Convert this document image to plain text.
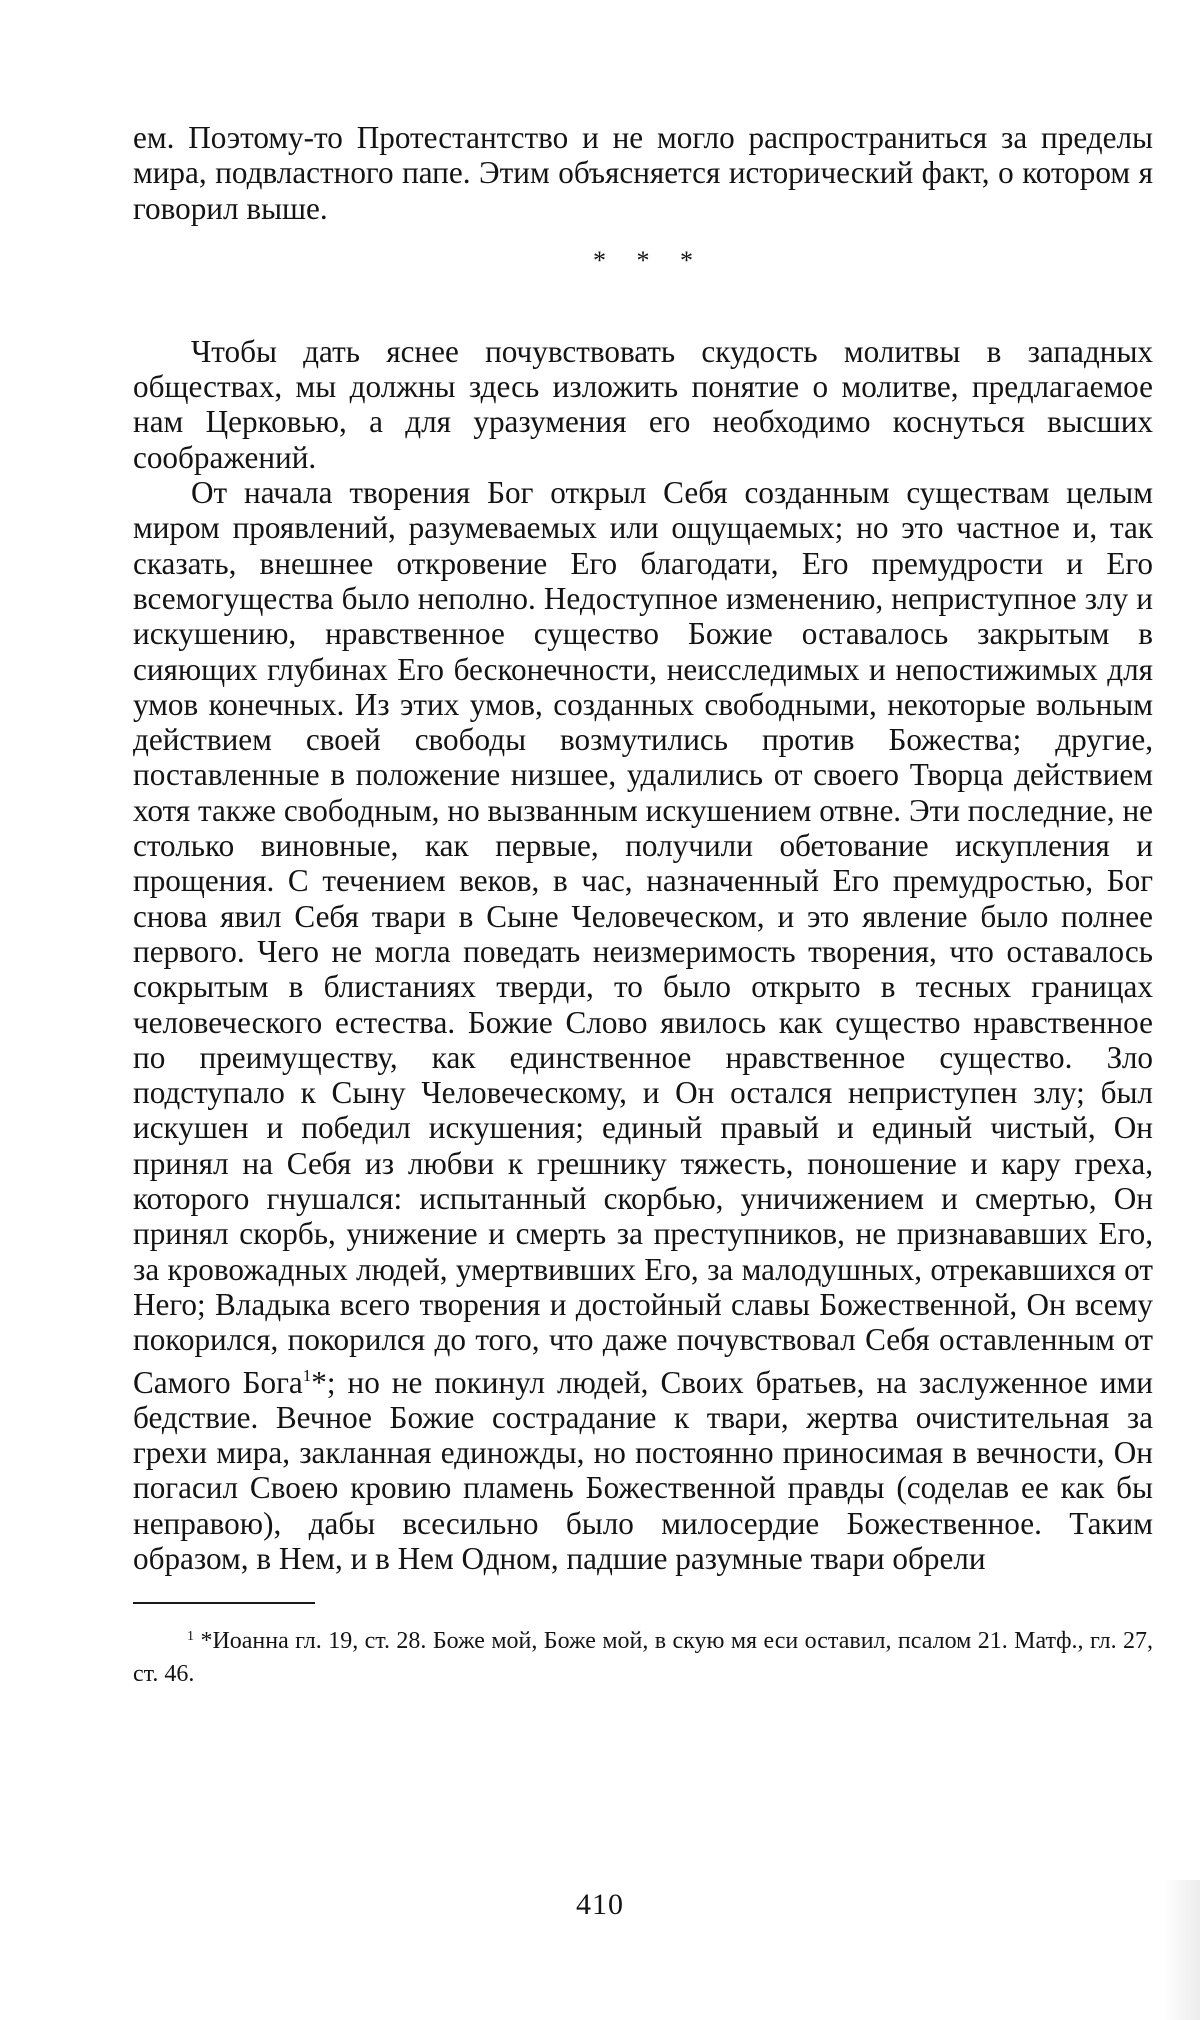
ем. Поэтому-то Протестантство и не могло распространиться за пределы мира, подвластного папе. Этим объясняется исторический факт, о котором я говорил выше.

* * *

Чтобы дать яснее почувствовать скудость молитвы в западных обществах, мы должны здесь изложить понятие о молитве, предлагаемое нам Церковью, а для уразумения его необходимо коснуться высших соображений.

От начала творения Бог открыл Себя созданным существам целым миром проявлений, разумеваемых или ощущаемых; но это частное и, так сказать, внешнее откровение Его благодати, Его премудрости и Его всемогущества было неполно. Недоступное изменению, неприступное злу и искушению, нравственное существо Божие оставалось закрытым в сияющих глубинах Его бесконечности, неисследимых и непостижимых для умов конечных. Из этих умов, созданных свободными, некоторые вольным действием своей свободы возмутились против Божества; другие, поставленные в положение низшее, удалились от своего Творца действием хотя также свободным, но вызванным искушением отвне. Эти последние, не столько виновные, как первые, получили обетование искупления и прощения. С течением веков, в час, назначенный Его премудростью, Бог снова явил Себя твари в Сыне Человеческом, и это явление было полнее первого. Чего не могла поведать неизмеримость творения, что оставалось сокрытым в блистаниях тверди, то было открыто в тесных границах человеческого естества. Божие Слово явилось как существо нравственное по преимуществу, как единственное нравственное существо. Зло подступало к Сыну Человеческому, и Он остался неприступен злу; был искушен и победил искушения; единый правый и единый чистый, Он принял на Себя из любви к грешнику тяжесть, поношение и кару греха, которого гнушался: испытанный скорбью, уничижением и смертью, Он принял скорбь, унижение и смерть за преступников, не признававших Его, за кровожадных людей, умертвивших Его, за малодушных, отрекавшихся от Него; Владыка всего творения и достойный славы Божественной, Он всему покорился, покорился до того, что даже почувствовал Себя оставленным от Самого Бога$^1$*; но не покинул людей, Своих братьев, на заслуженное ими бедствие. Вечное Божие сострадание к твари, жертва очистительная за грехи мира, закланная единожды, но постоянно приносимая в вечности, Он погасил Своею кровию пламень Божественной правды (соделав ее как бы неправою), дабы всесильно было милосердие Божественное. Таким образом, в Нем, и в Нем Одном, падшие разумные твари обрели

$^1$ *Иоанна гл. 19, ст. 28. Боже мой, Боже мой, в скую мя еси оставил, псалом 21. Матф., гл. 27, ст. 46.

410
